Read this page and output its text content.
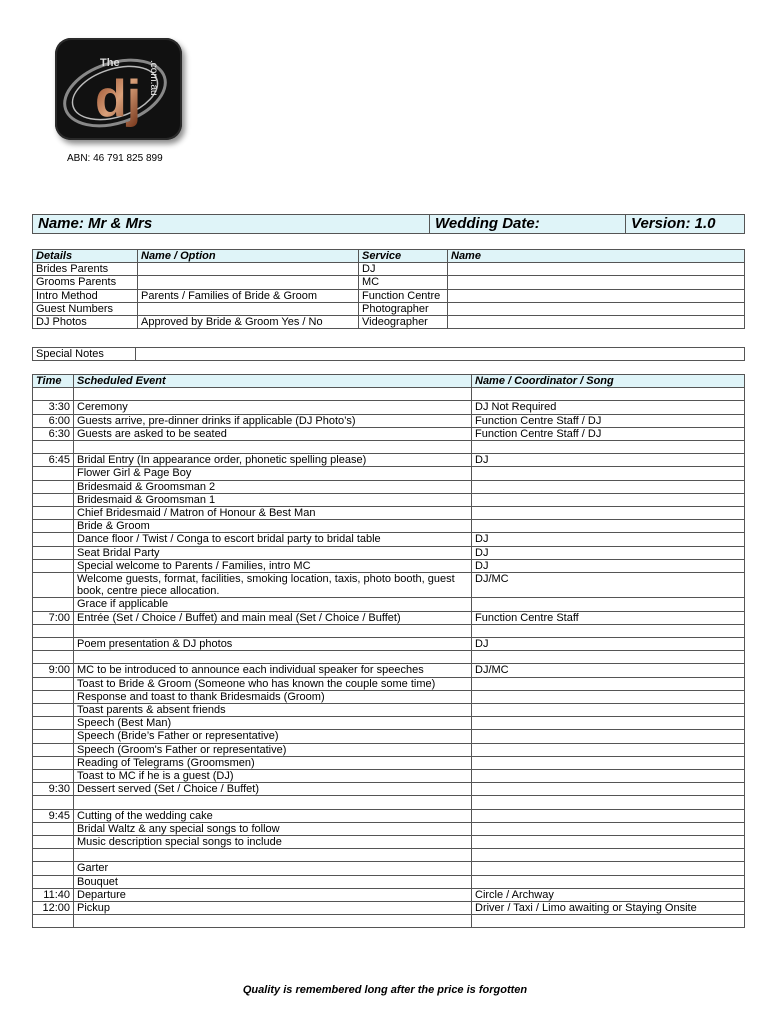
The
dj .com.au
ABN: 46 791 825 899
Name: Mr & Mrs	Wedding Date:	Version: 1.0
Details	Name / Option	Service	Name
Brides Parents		DJ	
Grooms Parents		MC	
Intro Method	Parents / Families of Bride & Groom	Function Centre	
Guest Numbers		Photographer	
DJ Photos	Approved by Bride & Groom Yes / No	Videographer	
Special Notes	
Time	Scheduled Event	Name / Coordinator / Song

3:30	Ceremony	DJ Not Required
6:00	Guests arrive, pre-dinner drinks if applicable (DJ Photo’s)	Function Centre Staff / DJ
6:30	Guests are asked to be seated	Function Centre Staff / DJ

6:45	Bridal Entry (In appearance order, phonetic spelling please)	DJ
	Flower Girl & Page Boy	
	Bridesmaid & Groomsman 2	
	Bridesmaid & Groomsman 1	
	Chief Bridesmaid / Matron of Honour & Best Man	
	Bride & Groom	
	Dance floor / Twist / Conga to escort bridal party to bridal table	DJ
	Seat Bridal Party	DJ
	Special welcome to Parents / Families, intro MC	DJ
	Welcome guests, format, facilities, smoking location, taxis, photo booth, guest book, centre piece allocation.	DJ/MC
	Grace if applicable	
7:00	Entrée (Set / Choice / Buffet) and main meal (Set / Choice / Buffet)	Function Centre Staff

	Poem presentation & DJ photos	DJ

9:00	MC to be introduced to announce each individual speaker for speeches	DJ/MC
	Toast to Bride & Groom (Someone who has known the couple some time)	
	Response and toast to thank Bridesmaids (Groom)	
	Toast parents & absent friends	
	Speech (Best Man)	
	Speech (Bride’s Father or representative)	
	Speech (Groom's Father or representative)	
	Reading of Telegrams (Groomsmen)	
	Toast to MC if he is a guest (DJ)	
9:30	Dessert served (Set / Choice / Buffet)	

9:45	Cutting of the wedding cake	
	Bridal Waltz & any special songs to follow	
	Music description special songs to include	

	Garter	
	Bouquet	
11:40	Departure	Circle / Archway
12:00	Pickup	Driver / Taxi / Limo awaiting or Staying Onsite

Quality is remembered long after the price is forgotten
